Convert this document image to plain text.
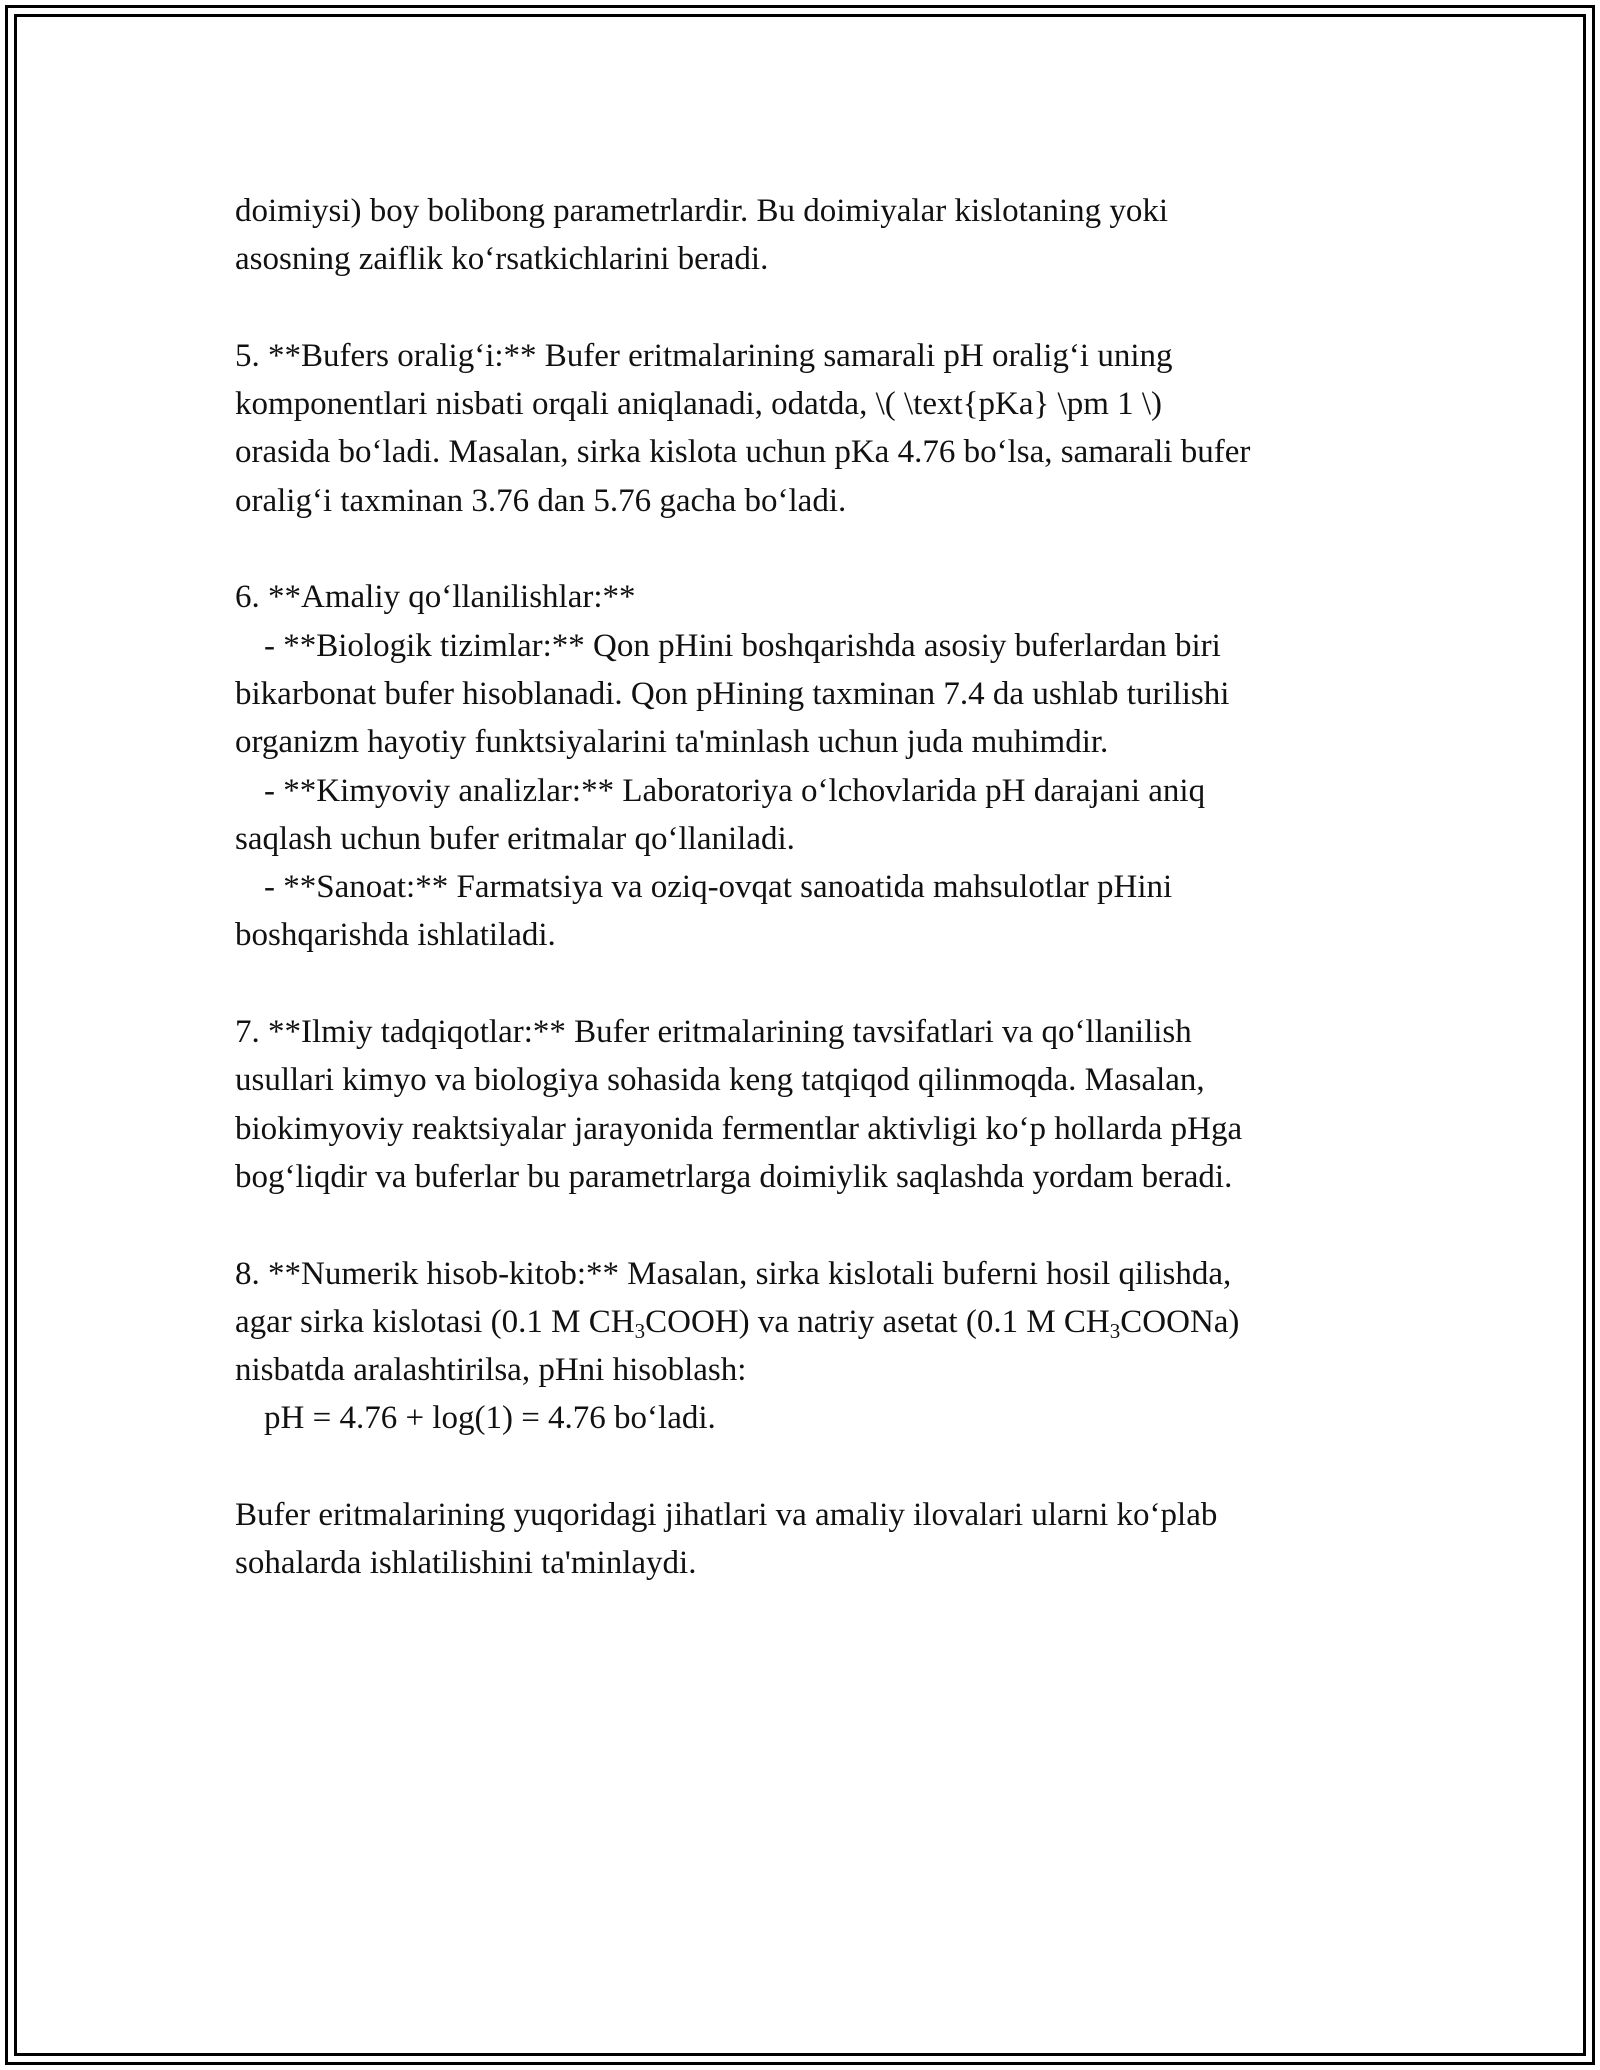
doimiysi) boy bolibong parametrlardir. Bu doimiyalar kislotaning yoki
asosning zaiflik ko‘rsatkichlarini beradi.
5. **Bufers oralig‘i:** Bufer eritmalarining samarali pH oralig‘i uning
komponentlari nisbati orqali aniqlanadi, odatda, \( \text{pKa} \pm 1 \)
orasida bo‘ladi. Masalan, sirka kislota uchun pKa 4.76 bo‘lsa, samarali bufer
oralig‘i taxminan 3.76 dan 5.76 gacha bo‘ladi.
6. **Amaliy qo‘llanilishlar:**
- **Biologik tizimlar:** Qon pHini boshqarishda asosiy buferlardan biri
bikarbonat bufer hisoblanadi. Qon pHining taxminan 7.4 da ushlab turilishi
organizm hayotiy funktsiyalarini ta'minlash uchun juda muhimdir.
- **Kimyoviy analizlar:** Laboratoriya o‘lchovlarida pH darajani aniq
saqlash uchun bufer eritmalar qo‘llaniladi.
- **Sanoat:** Farmatsiya va oziq-ovqat sanoatida mahsulotlar pHini
boshqarishda ishlatiladi.
7. **Ilmiy tadqiqotlar:** Bufer eritmalarining tavsifatlari va qo‘llanilish
usullari kimyo va biologiya sohasida keng tatqiqod qilinmoqda. Masalan,
biokimyoviy reaktsiyalar jarayonida fermentlar aktivligi ko‘p hollarda pHga
bog‘liqdir va buferlar bu parametrlarga doimiylik saqlashda yordam beradi.
8. **Numerik hisob-kitob:** Masalan, sirka kislotali buferni hosil qilishda,
agar sirka kislotasi (0.1 M $CH_3COOH$) va natriy asetat (0.1 M $CH_3COONa$)
nisbatda aralashtirilsa, pHni hisoblash:
pH = 4.76 + log(1) = 4.76 bo‘ladi.
Bufer eritmalarining yuqoridagi jihatlari va amaliy ilovalari ularni ko‘plab
sohalarda ishlatilishini ta'minlaydi.
